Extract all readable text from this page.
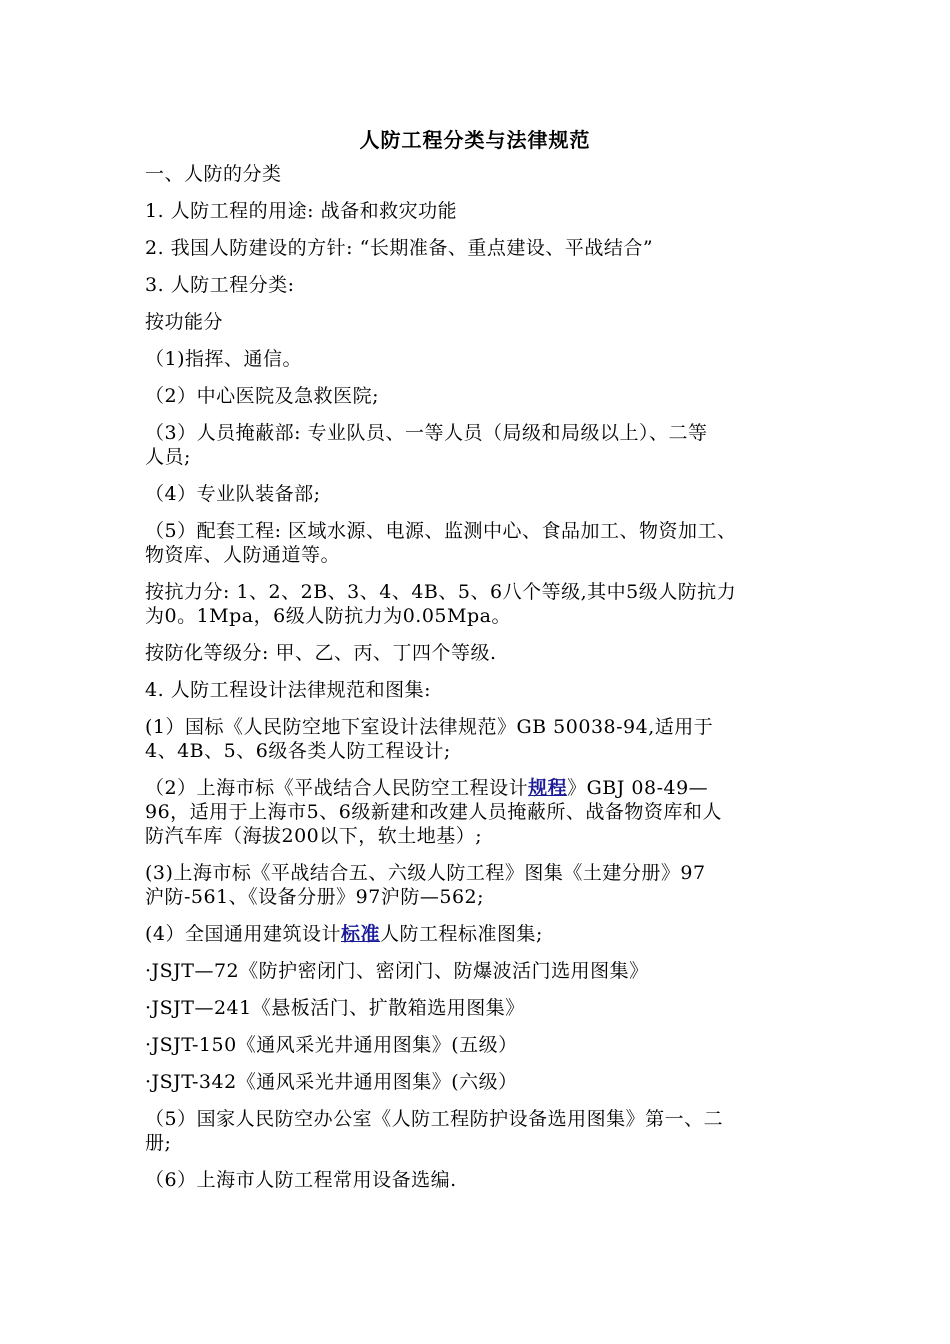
人防工程分类与法律规范
一、人防的分类
1. 人防工程的用途: 战备和救灾功能
2. 我国人防建设的方针: “长期准备、重点建设、平战结合”
3. 人防工程分类:
按功能分
（1)指挥、通信。
（2）中心医院及急救医院;
（3）人员掩蔽部: 专业队员、一等人员（局级和局级以上）、二等
人员;
（4）专业队装备部;
（5）配套工程: 区域水源、电源、监测中心、食品加工、物资加工、
物资库、人防通道等。
按抗力分: 1、2、2B、3、4、4B、5、6八个等级,其中5级人防抗力
为0。1Mpa，6级人防抗力为0.05Mpa。
按防化等级分: 甲、乙、丙、丁四个等级.
4. 人防工程设计法律规范和图集:
(1）国标《人民防空地下室设计法律规范》GB 50038-94,适用于
4、4B、5、6级各类人防工程设计;
（2）上海市标《平战结合人民防空工程设计规程》GBJ 08-49—
96，适用于上海市5、6级新建和改建人员掩蔽所、战备物资库和人
防汽车库（海拔200以下，软土地基）;
(3)上海市标《平战结合五、六级人防工程》图集《土建分册》97
沪防-561、《设备分册》97沪防—562;
(4）全国通用建筑设计标准人防工程标准图集;
·JSJT—72《防护密闭门、密闭门、防爆波活门选用图集》
·JSJT—241《悬板活门、扩散箱选用图集》
·JSJT-150《通风采光井通用图集》(五级）
·JSJT-342《通风采光井通用图集》(六级）
（5）国家人民防空办公室《人防工程防护设备选用图集》第一、二
册;
（6）上海市人防工程常用设备选编.
